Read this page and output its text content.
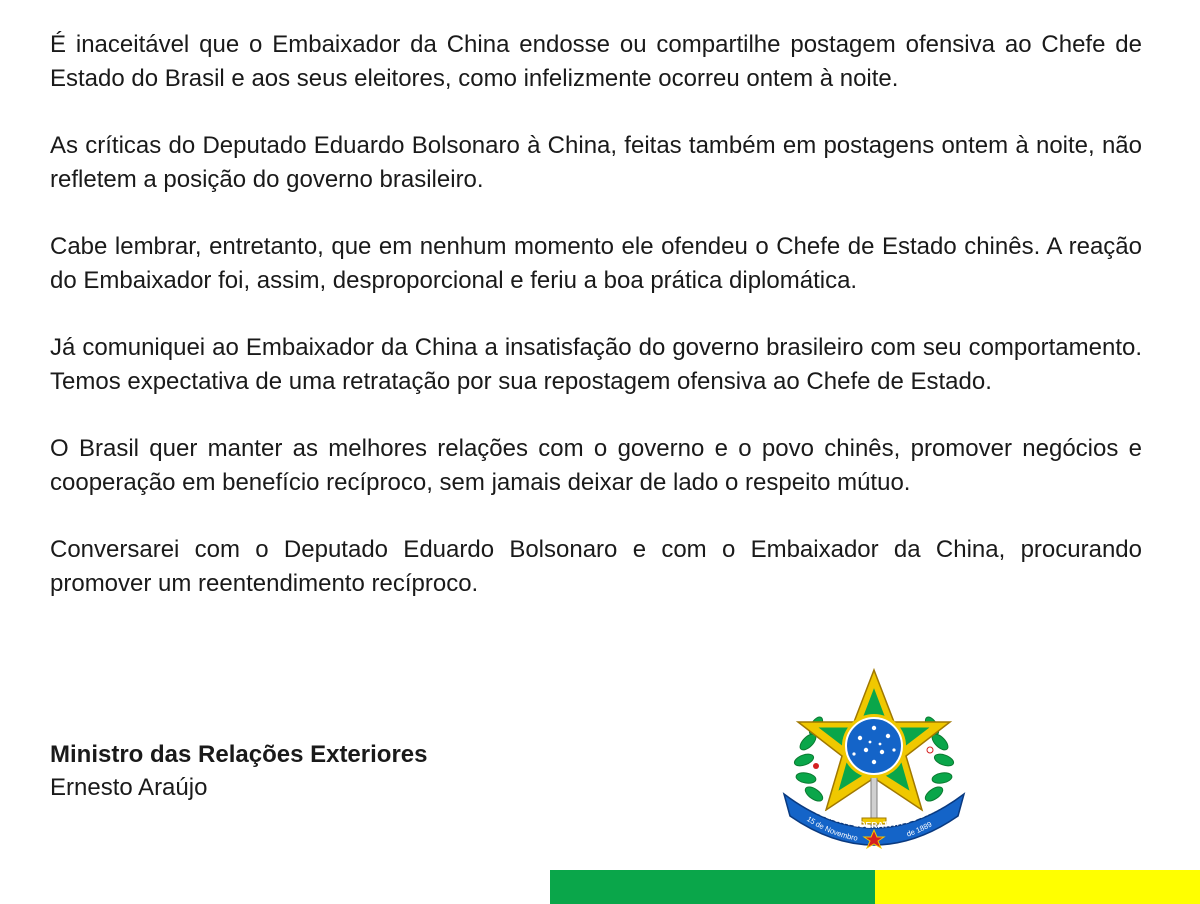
É inaceitável que o Embaixador da China endosse ou compartilhe postagem ofensiva ao Chefe de Estado do Brasil e aos seus eleitores, como infelizmente ocorreu ontem à noite.

As críticas do Deputado Eduardo Bolsonaro à China, feitas também em postagens ontem à noite, não refletem a posição do governo brasileiro.

Cabe lembrar, entretanto, que em nenhum momento ele ofendeu o Chefe de Estado chinês. A reação do Embaixador foi, assim, desproporcional e feriu a boa prática diplomática.

Já comuniquei ao Embaixador da China a insatisfação do governo brasileiro com seu comportamento. Temos expectativa de uma retratação por sua repostagem ofensiva ao Chefe de Estado.

O Brasil quer manter as melhores relações com o governo e o povo chinês, promover negócios e cooperação em benefício recíproco, sem jamais deixar de lado o respeito mútuo.

Conversarei com o Deputado Eduardo Bolsonaro e com o Embaixador da China, procurando promover um reentendimento recíproco.

Ministro das Relações Exteriores
Ernesto Araújo
REPÚBLICA FEDERATIVA DO BRASIL
15 de Novembro	de 1889
